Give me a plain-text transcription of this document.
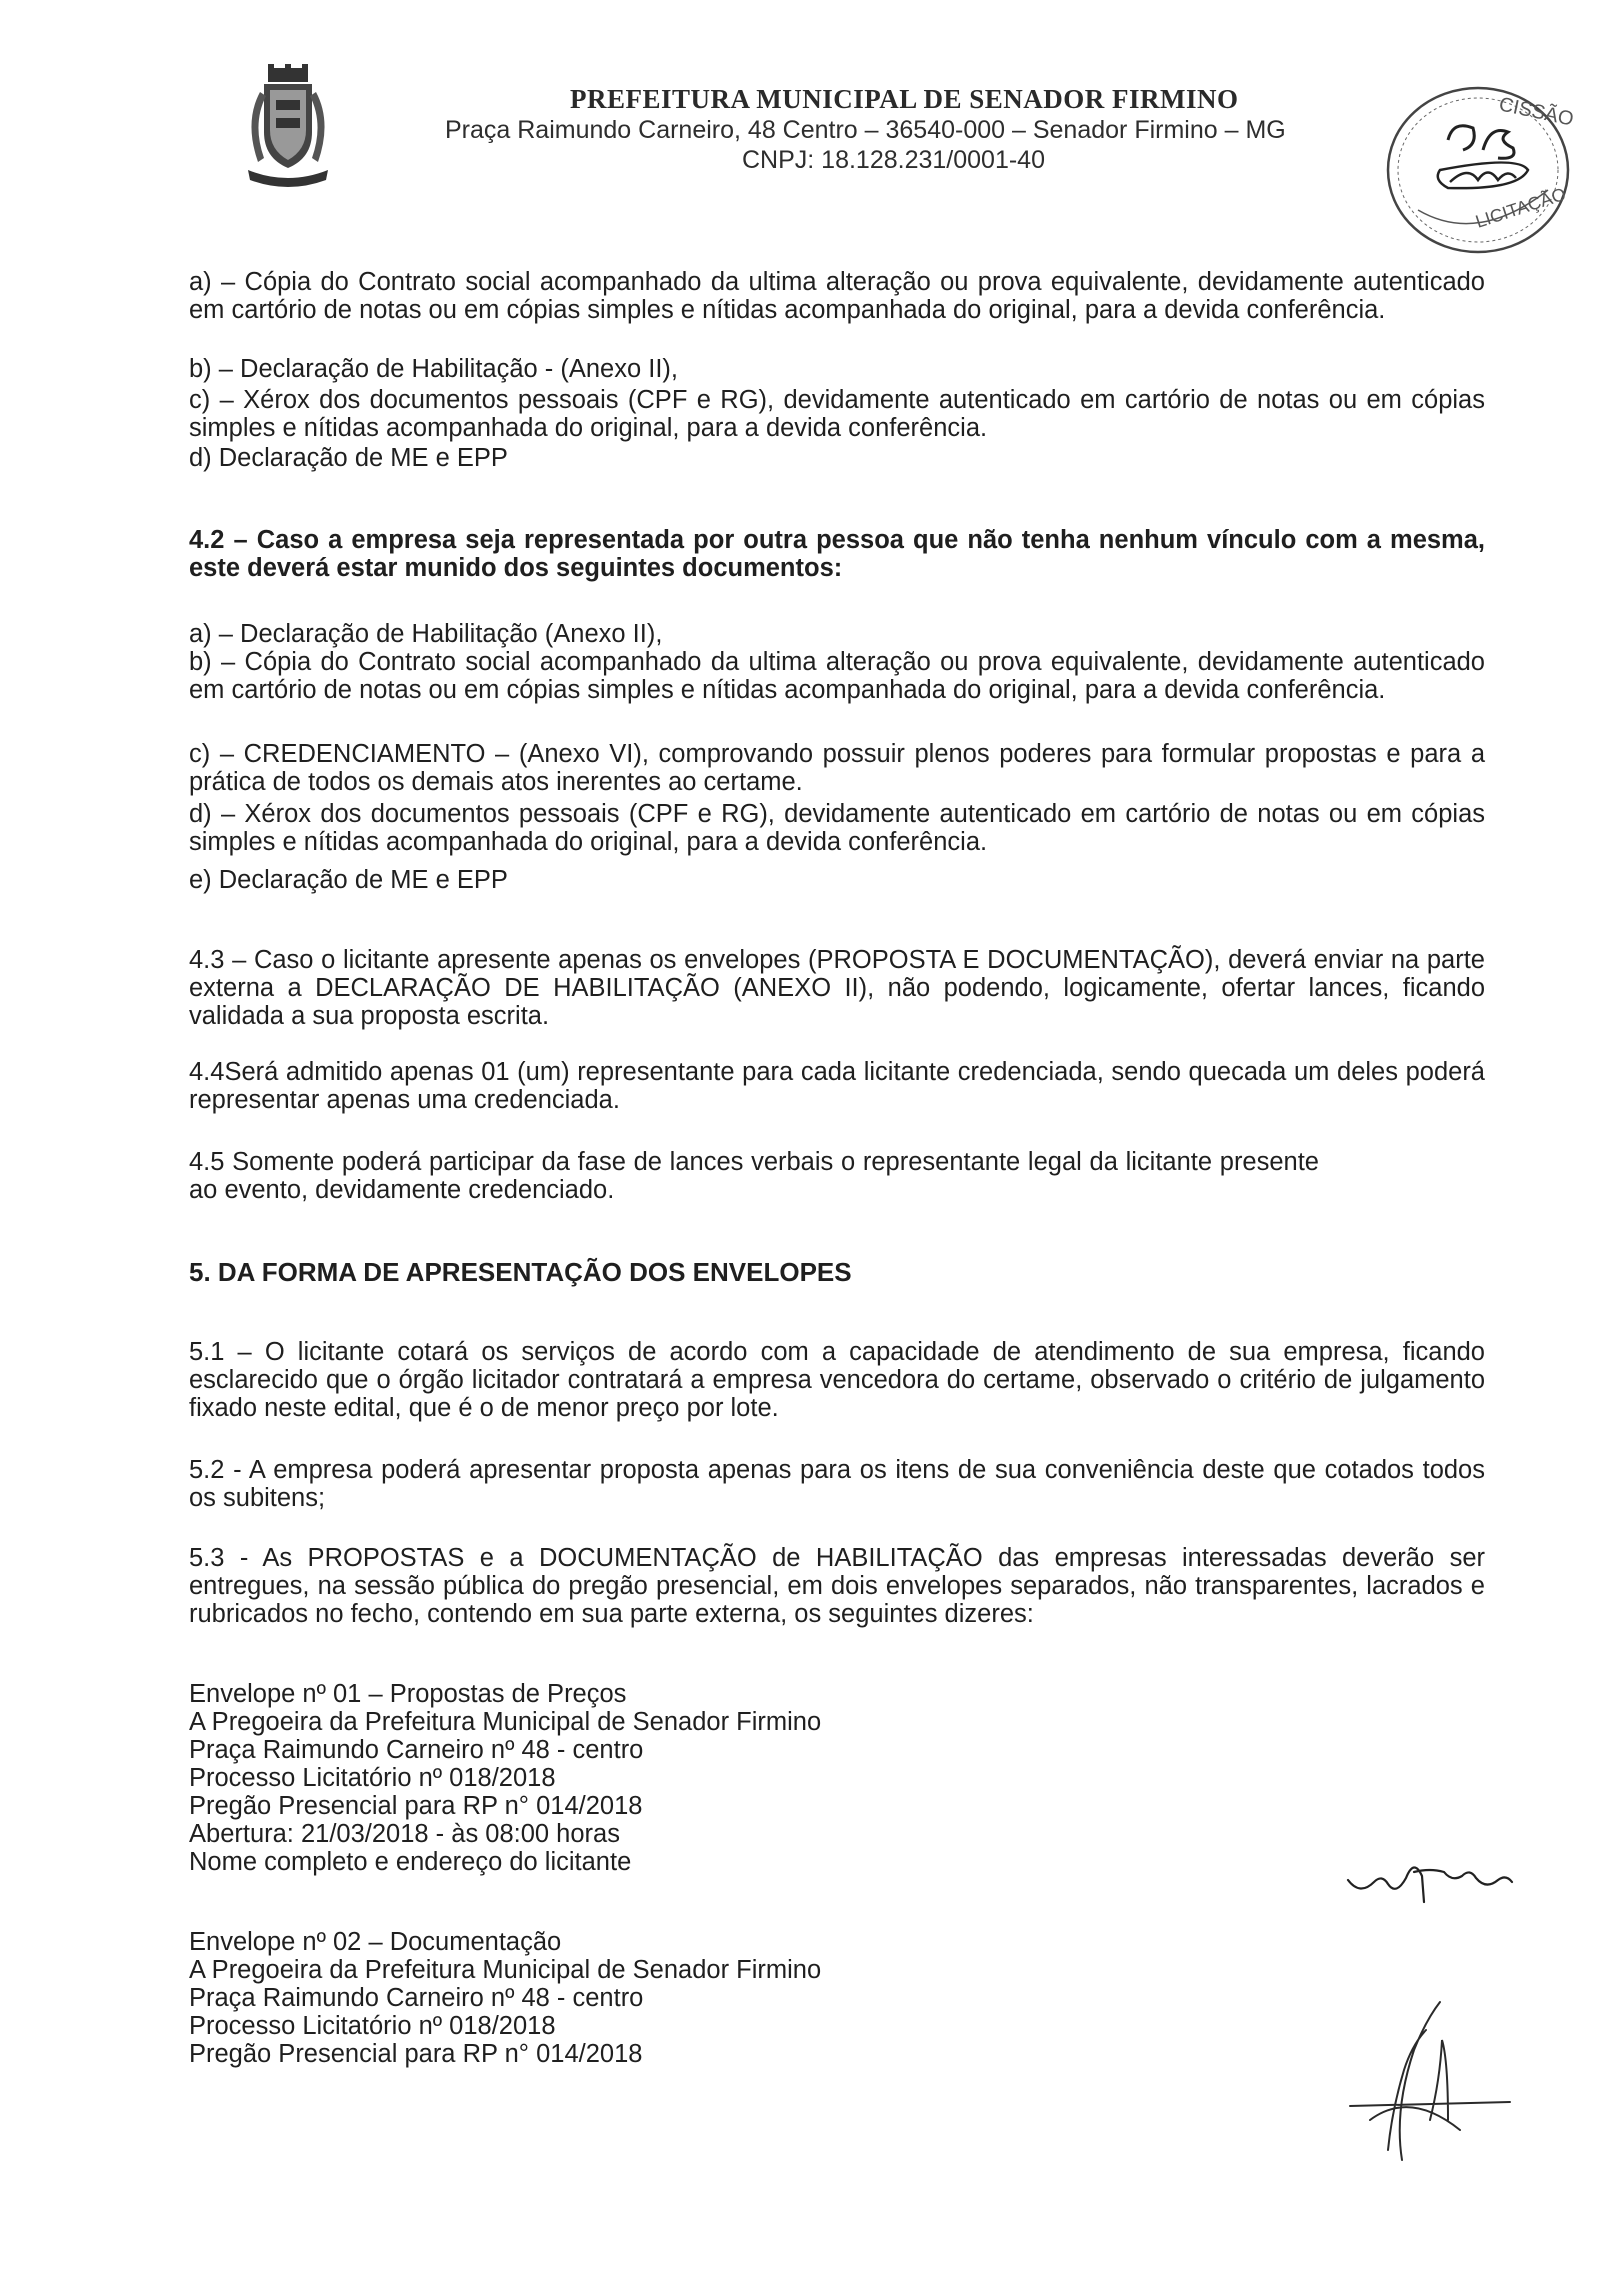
PREFEITURA MUNICIPAL DE SENADOR FIRMINO
Praça Raimundo Carneiro, 48 Centro – 36540-000 – Senador Firmino – MG
CNPJ: 18.128.231/0001-40
CISSÃO
LICITAÇÃO
a) – Cópia do Contrato social acompanhado da ultima alteração ou prova equivalente, devidamente autenticado em cartório de notas ou em cópias simples e nítidas acompanhada do original, para a devida conferência.
b) – Declaração de Habilitação - (Anexo II),
c) – Xérox dos documentos pessoais (CPF e RG), devidamente autenticado em cartório de notas ou em cópias simples e nítidas acompanhada do original, para a devida conferência.
d) Declaração de ME e EPP
4.2 – Caso a empresa seja representada por outra pessoa que não tenha nenhum vínculo com a mesma, este deverá estar munido dos seguintes documentos:
a) – Declaração de Habilitação (Anexo II),
b) – Cópia do Contrato social acompanhado da ultima alteração ou prova equivalente, devidamente autenticado em cartório de notas ou em cópias simples e nítidas acompanhada do original, para a devida conferência.
c) – CREDENCIAMENTO – (Anexo VI), comprovando possuir plenos poderes para formular propostas e para a prática de todos os demais atos inerentes ao certame.
d) – Xérox dos documentos pessoais (CPF e RG), devidamente autenticado em cartório de notas ou em cópias simples e nítidas acompanhada do original, para a devida conferência.
e) Declaração de ME e EPP
4.3 – Caso o licitante apresente apenas os envelopes (PROPOSTA E DOCUMENTAÇÃO), deverá enviar na parte externa a DECLARAÇÃO DE HABILITAÇÃO (ANEXO II), não podendo, logicamente, ofertar lances, ficando validada a sua proposta escrita.
4.4Será admitido apenas 01 (um) representante para cada licitante credenciada, sendo quecada um deles poderá representar apenas uma credenciada.
4.5 Somente poderá participar da fase de lances verbais o representante legal da licitante presente ao evento, devidamente credenciado.
5. DA FORMA DE APRESENTAÇÃO DOS ENVELOPES
5.1 – O licitante cotará os serviços de acordo com a capacidade de atendimento de sua empresa, ficando esclarecido que o órgão licitador contratará a empresa vencedora do certame, observado o critério de julgamento fixado neste edital, que é o de menor preço por lote.
5.2 - A empresa poderá apresentar proposta apenas para os itens de sua conveniência deste que cotados todos os subitens;
5.3 - As PROPOSTAS e a DOCUMENTAÇÃO de HABILITAÇÃO das empresas interessadas deverão ser entregues, na sessão pública do pregão presencial, em dois envelopes separados, não transparentes, lacrados e rubricados no fecho, contendo em sua parte externa, os seguintes dizeres:
Envelope nº 01 – Propostas de Preços
A Pregoeira da Prefeitura Municipal de Senador Firmino
Praça Raimundo Carneiro nº 48 - centro
Processo Licitatório nº 018/2018
Pregão Presencial para RP n° 014/2018
Abertura: 21/03/2018 - às 08:00 horas
Nome completo e endereço do licitante
Envelope nº 02 – Documentação
A Pregoeira da Prefeitura Municipal de Senador Firmino
Praça Raimundo Carneiro nº 48 - centro
Processo Licitatório nº 018/2018
Pregão Presencial para RP n° 014/2018
